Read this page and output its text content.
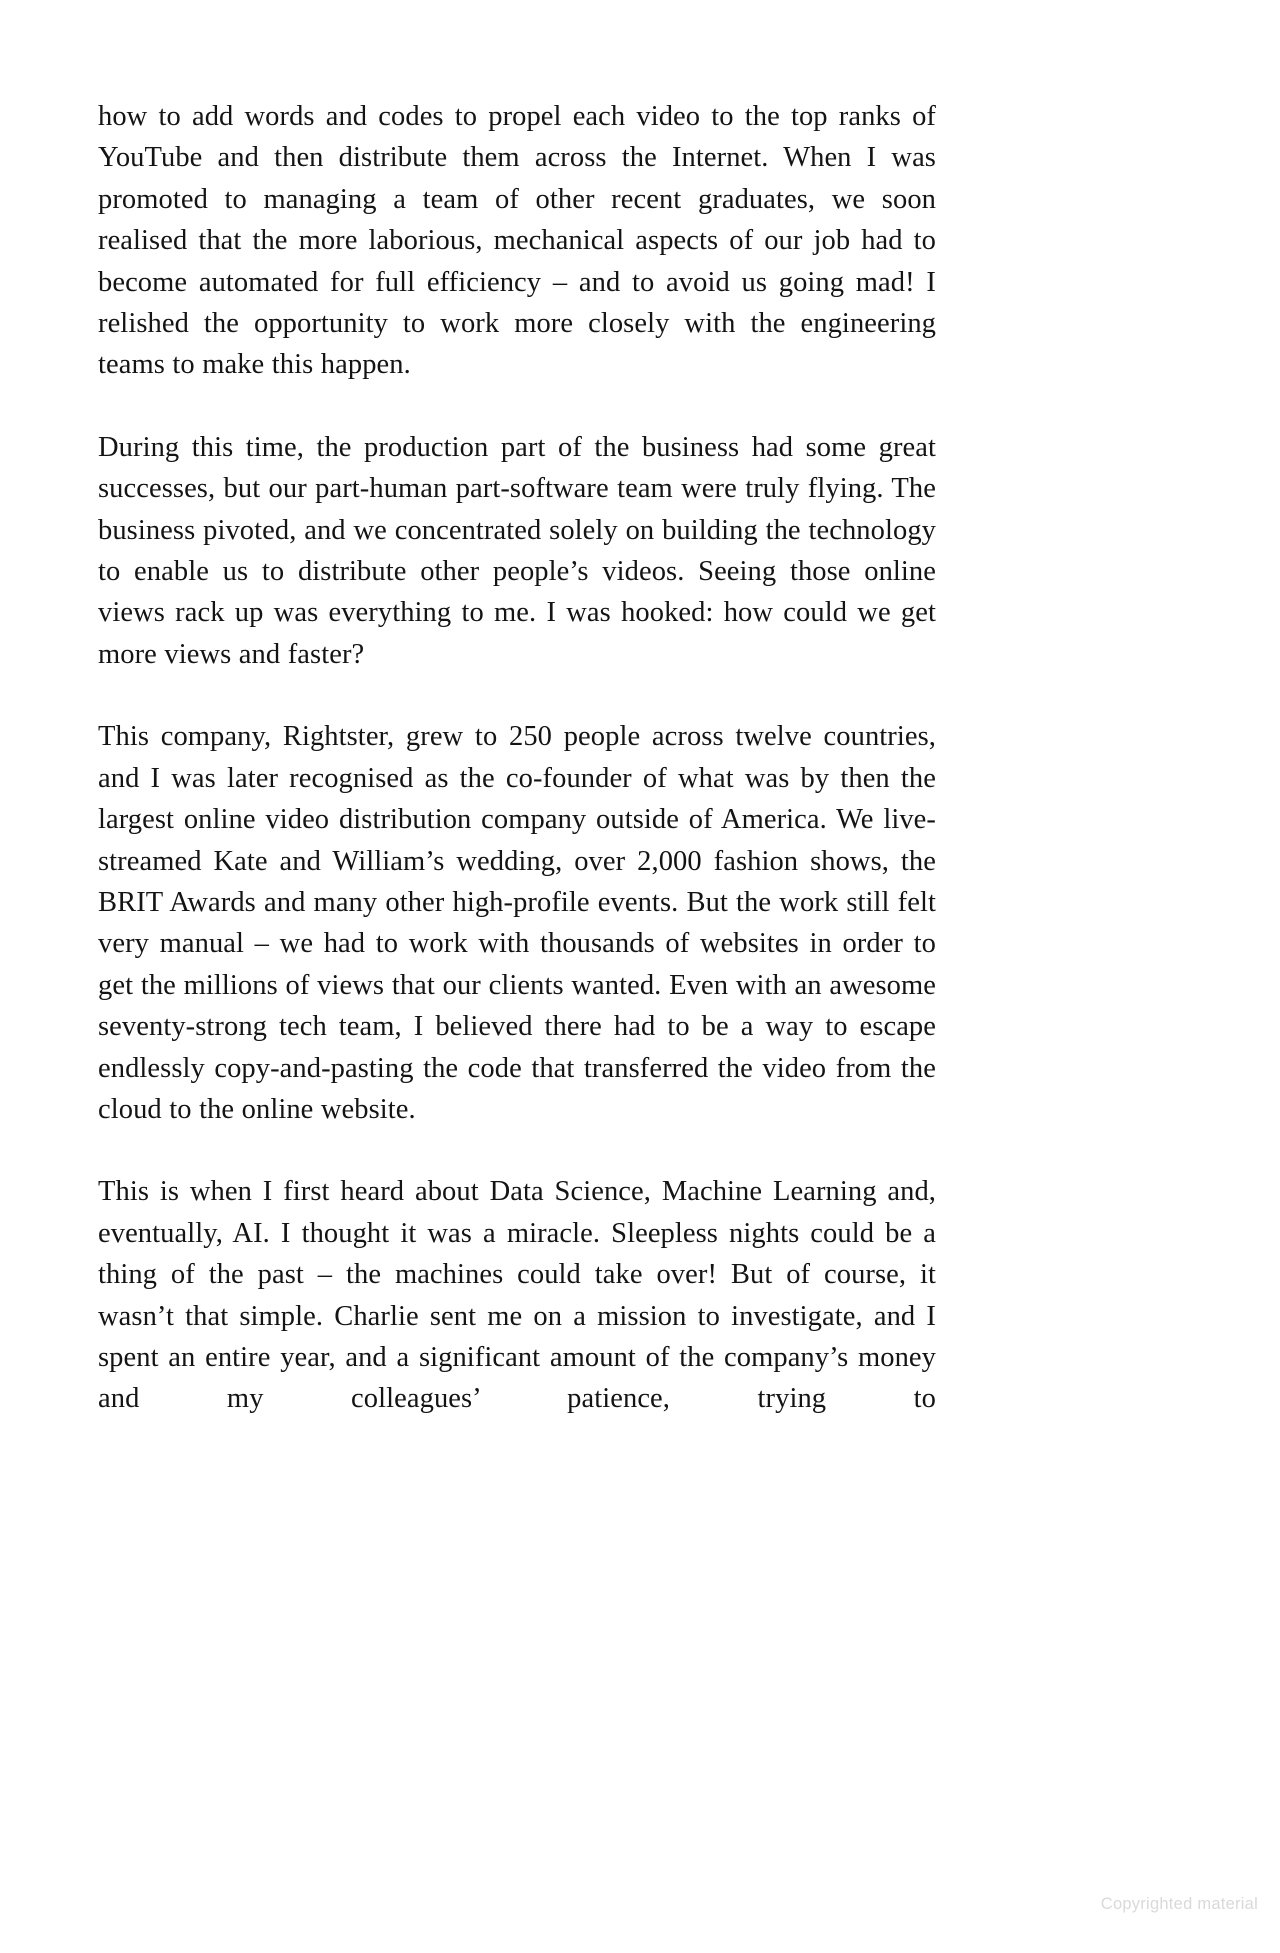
how to add words and codes to propel each video to the top ranks of YouTube and then distribute them across the Internet. When I was promoted to managing a team of other recent graduates, we soon realised that the more laborious, mechanical aspects of our job had to become automated for full efficiency – and to avoid us going mad! I relished the opportunity to work more closely with the engineering teams to make this happen.

During this time, the production part of the business had some great successes, but our part-human part-software team were truly flying. The business pivoted, and we concentrated solely on building the technology to enable us to distribute other people’s videos. Seeing those online views rack up was everything to me. I was hooked: how could we get more views and faster?

This company, Rightster, grew to 250 people across twelve countries, and I was later recognised as the co-founder of what was by then the largest online video distribution company outside of America. We live-streamed Kate and William’s wedding, over 2,000 fashion shows, the BRIT Awards and many other high-profile events. But the work still felt very manual – we had to work with thousands of websites in order to get the millions of views that our clients wanted. Even with an awesome seventy-strong tech team, I believed there had to be a way to escape endlessly copy-and-pasting the code that transferred the video from the cloud to the online website.

This is when I first heard about Data Science, Machine Learning and, eventually, AI. I thought it was a miracle. Sleepless nights could be a thing of the past – the machines could take over! But of course, it wasn’t that simple. Charlie sent me on a mission to investigate, and I spent an entire year, and a significant amount of the company’s money and my colleagues’ patience, trying to

Copyrighted material
